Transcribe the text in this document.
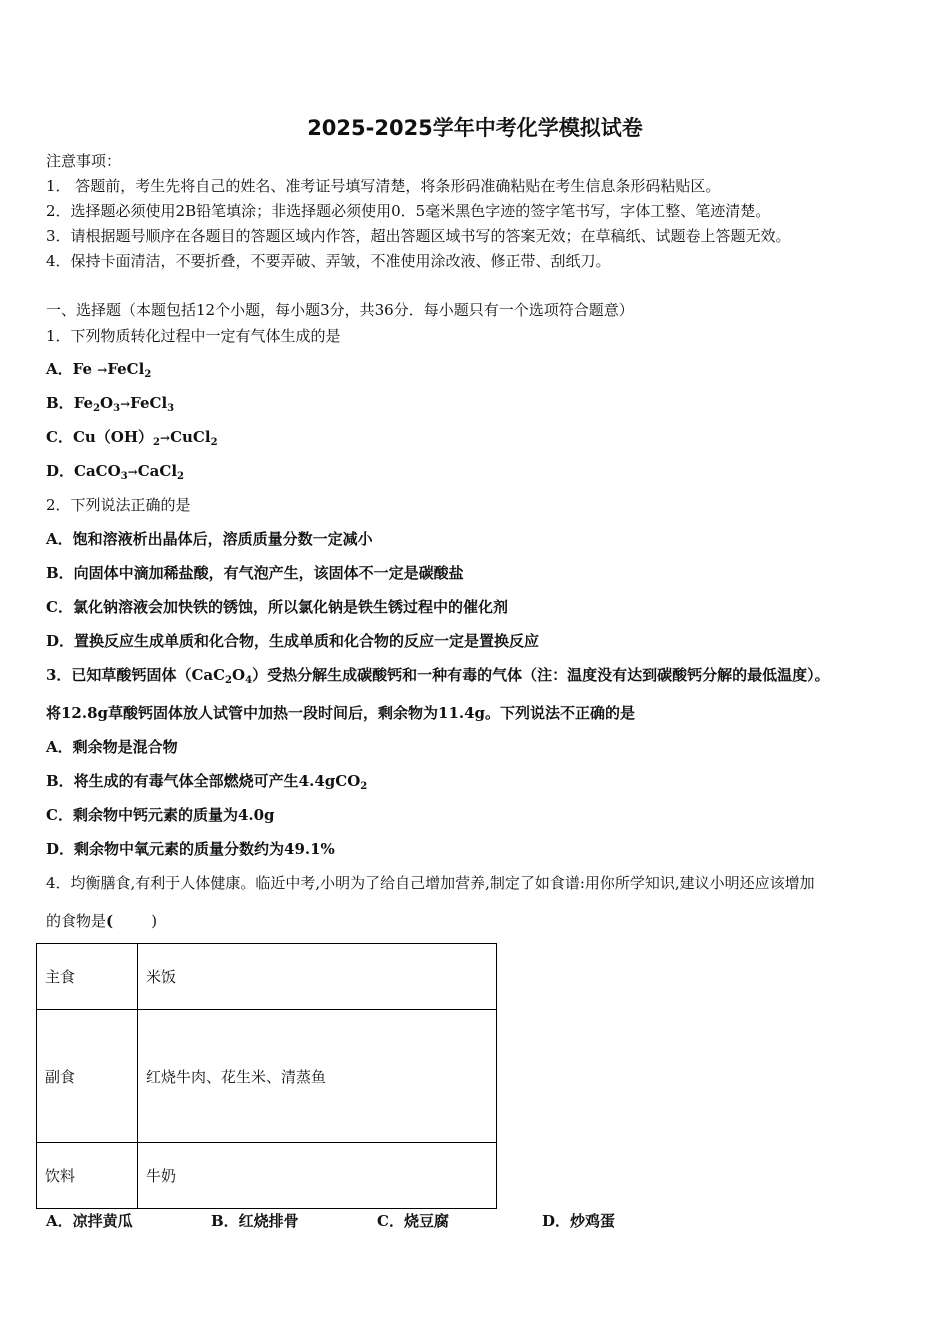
2025-2025学年中考化学模拟试卷
注意事项：
1． 答题前，考生先将自己的姓名、准考证号填写清楚，将条形码准确粘贴在考生信息条形码粘贴区。
2．选择题必须使用2B铅笔填涂；非选择题必须使用0．5毫米黑色字迹的签字笔书写，字体工整、笔迹清楚。
3．请根据题号顺序在各题目的答题区域内作答，超出答题区域书写的答案无效；在草稿纸、试题卷上答题无效。
4．保持卡面清洁，不要折叠，不要弄破、弄皱，不准使用涂改液、修正带、刮纸刀。
一、选择题（本题包括12个小题，每小题3分，共36分．每小题只有一个选项符合题意）
1．下列物质转化过程中一定有气体生成的是
A．Fe →FeCl$_2$
B．$Fe_2O_3\to FeCl_3$
C．$Cu(OH)_2\to CuCl_2$
D．CaCO$_3$→CaCl$_2$
2．下列说法正确的是
A．饱和溶液析出晶体后，溶质质量分数一定减小
B．向固体中滴加稀盐酸，有气泡产生，该固体不一定是碳酸盐
C．氯化钠溶液会加快铁的锈蚀，所以氯化钠是铁生锈过程中的催化剂
D．置换反应生成单质和化合物，生成单质和化合物的反应一定是置换反应
3．已知草酸钙固体$(CaC_2O_4)$受热分解生成碳酸钙和一种有毒的气体（注：温度没有达到碳酸钙分解的最低温度）。
将12.8g草酸钙固体放人试管中加热一段时间后，剩余物为11.4g。下列说法不正确的是
A．剩余物是混合物
B．将生成的有毒气体全部燃烧可产生4.4gCO$_2$
C．剩余物中钙元素的质量为4.0g
D．剩余物中氧元素的质量分数约为49.1%
4．均衡膳食,有利于人体健康。临近中考,小明为了给自己增加营养,制定了如食谱:用你所学知识,建议小明还应该增加
的食物是(        )
主食	米饭
副食	红烧牛肉、花生米、清蒸鱼
饮料	牛奶
A．凉拌黄瓜	B．红烧排骨	C．烧豆腐	D．炒鸡蛋
